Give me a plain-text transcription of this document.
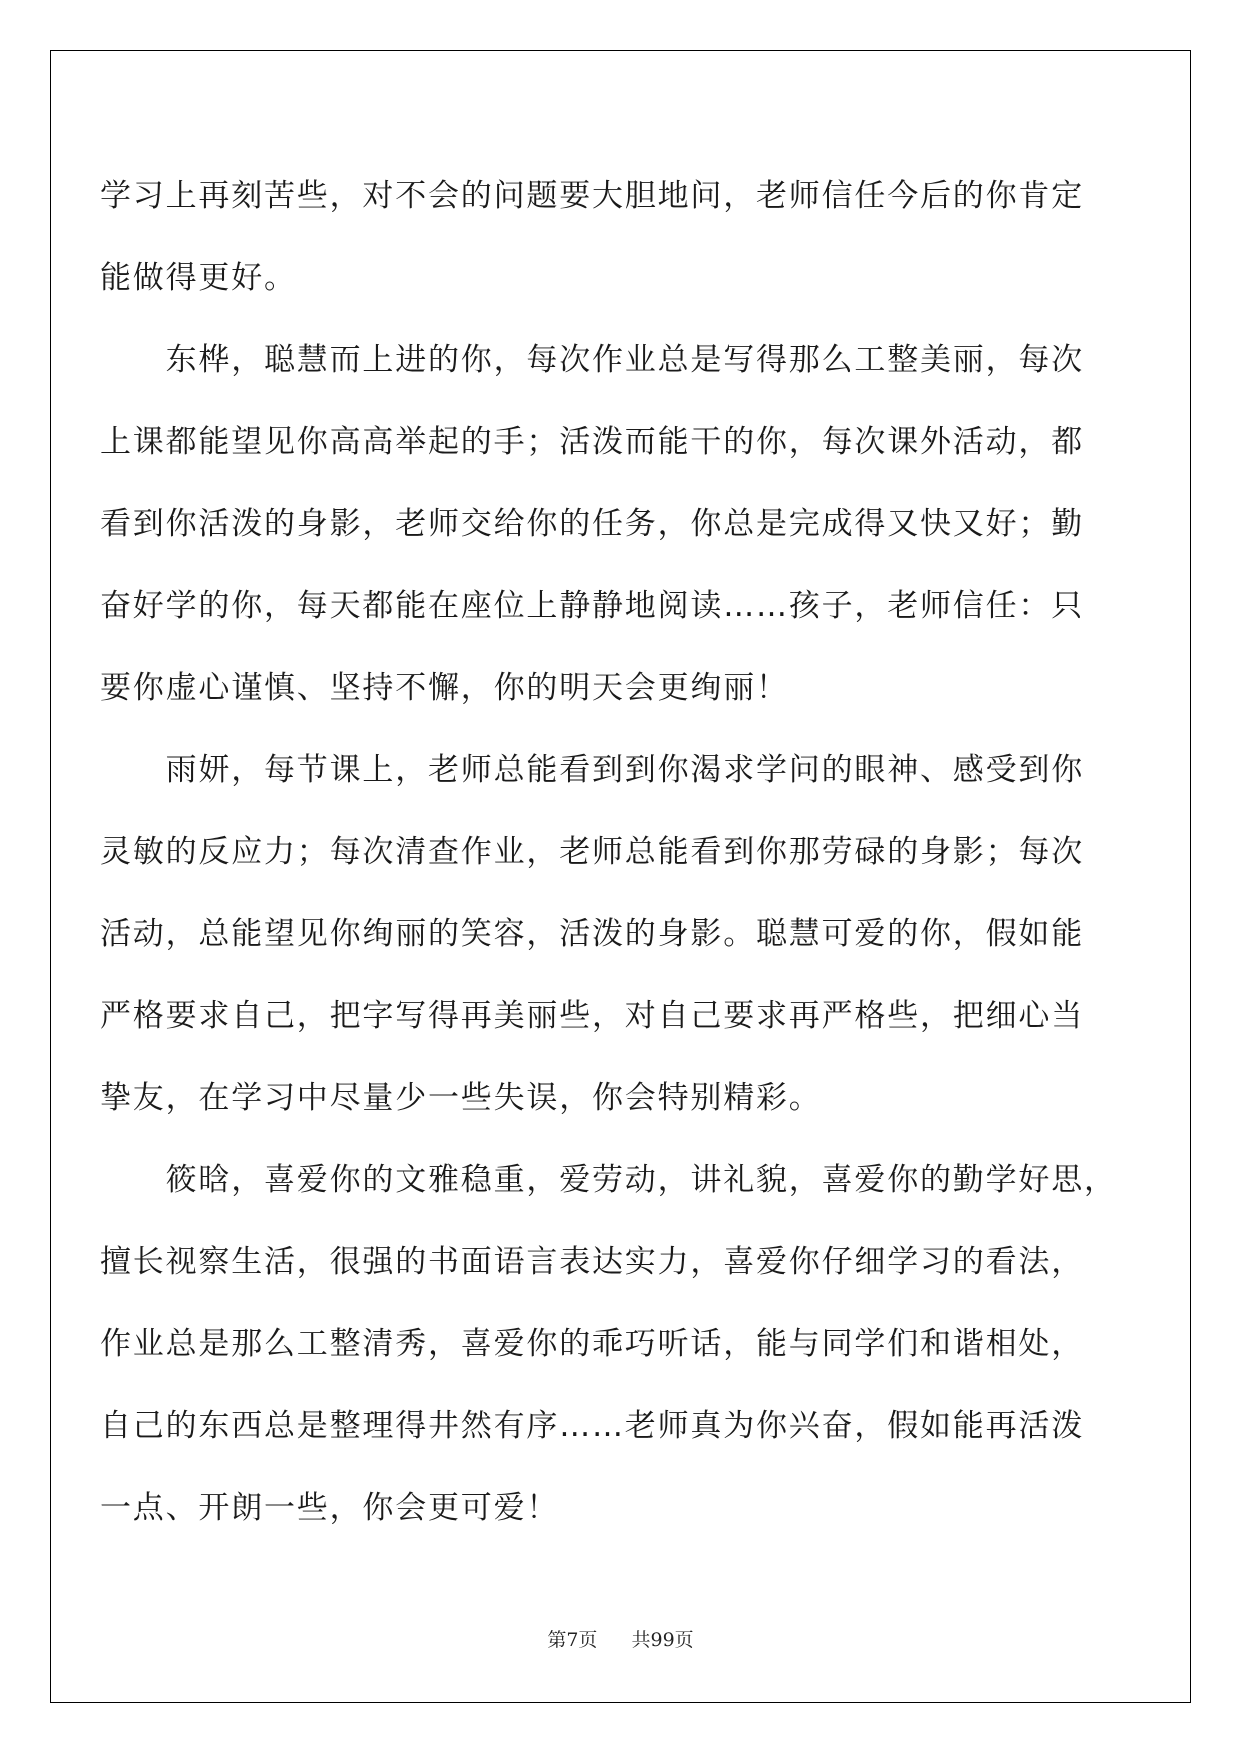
学习上再刻苦些，对不会的问题要大胆地问，老师信任今后的你肯定
能做得更好。
　　东桦，聪慧而上进的你，每次作业总是写得那么工整美丽，每次
上课都能望见你高高举起的手；活泼而能干的你，每次课外活动，都
看到你活泼的身影，老师交给你的任务，你总是完成得又快又好；勤
奋好学的你，每天都能在座位上静静地阅读……孩子，老师信任：只
要你虚心谨慎、坚持不懈，你的明天会更绚丽！
　　雨妍，每节课上，老师总能看到到你渴求学问的眼神、感受到你
灵敏的反应力；每次清查作业，老师总能看到你那劳碌的身影；每次
活动，总能望见你绚丽的笑容，活泼的身影。聪慧可爱的你，假如能
严格要求自己，把字写得再美丽些，对自己要求再严格些，把细心当
挚友，在学习中尽量少一些失误，你会特别精彩。
　　筱晗，喜爱你的文雅稳重，爱劳动，讲礼貌，喜爱你的勤学好思，
擅长视察生活，很强的书面语言表达实力，喜爱你仔细学习的看法，
作业总是那么工整清秀，喜爱你的乖巧听话，能与同学们和谐相处，
自己的东西总是整理得井然有序……老师真为你兴奋，假如能再活泼
一点、开朗一些，你会更可爱！
第7页 共99页
